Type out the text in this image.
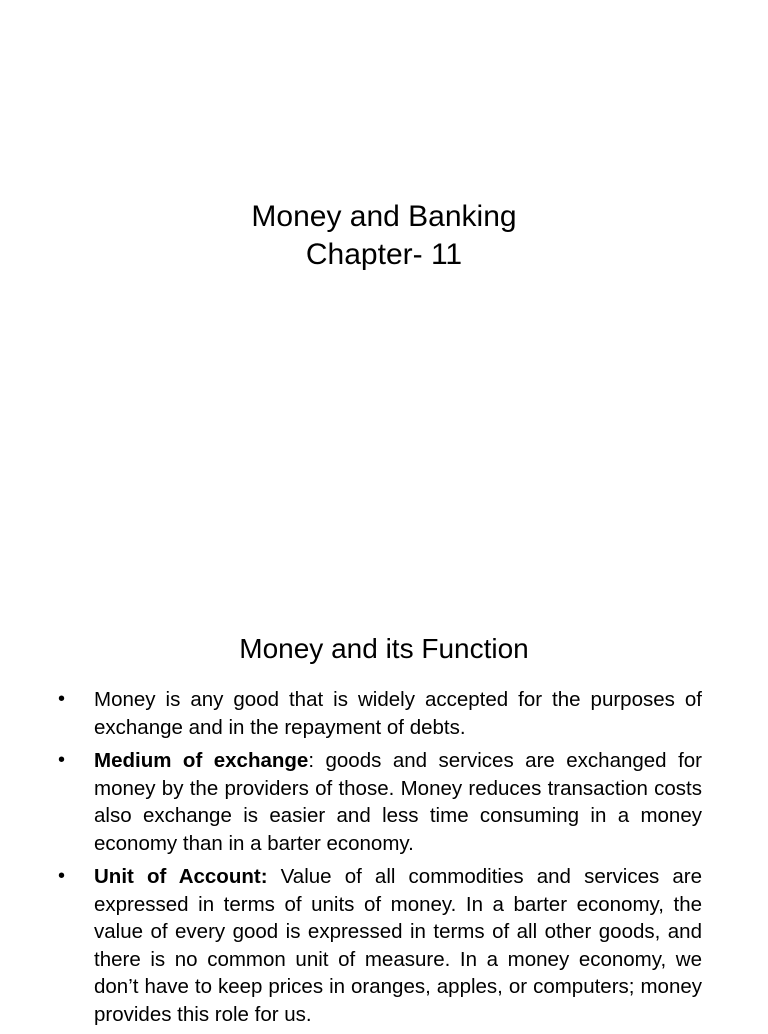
Money and Banking
Chapter- 11
Money and its Function
• Money is any good that is widely accepted for the purposes of exchange and in the repayment of debts.
• Medium of exchange: goods and services are exchanged for money by the providers of those. Money reduces transaction costs also exchange is easier and less time consuming in a money economy than in a barter economy.
• Unit of Account: Value of all commodities and services are expressed in terms of units of money. In a barter economy, the value of every good is expressed in terms of all other goods, and there is no common unit of measure. In a money economy, we don’t have to keep prices in oranges, apples, or computers; money provides this role for us.
